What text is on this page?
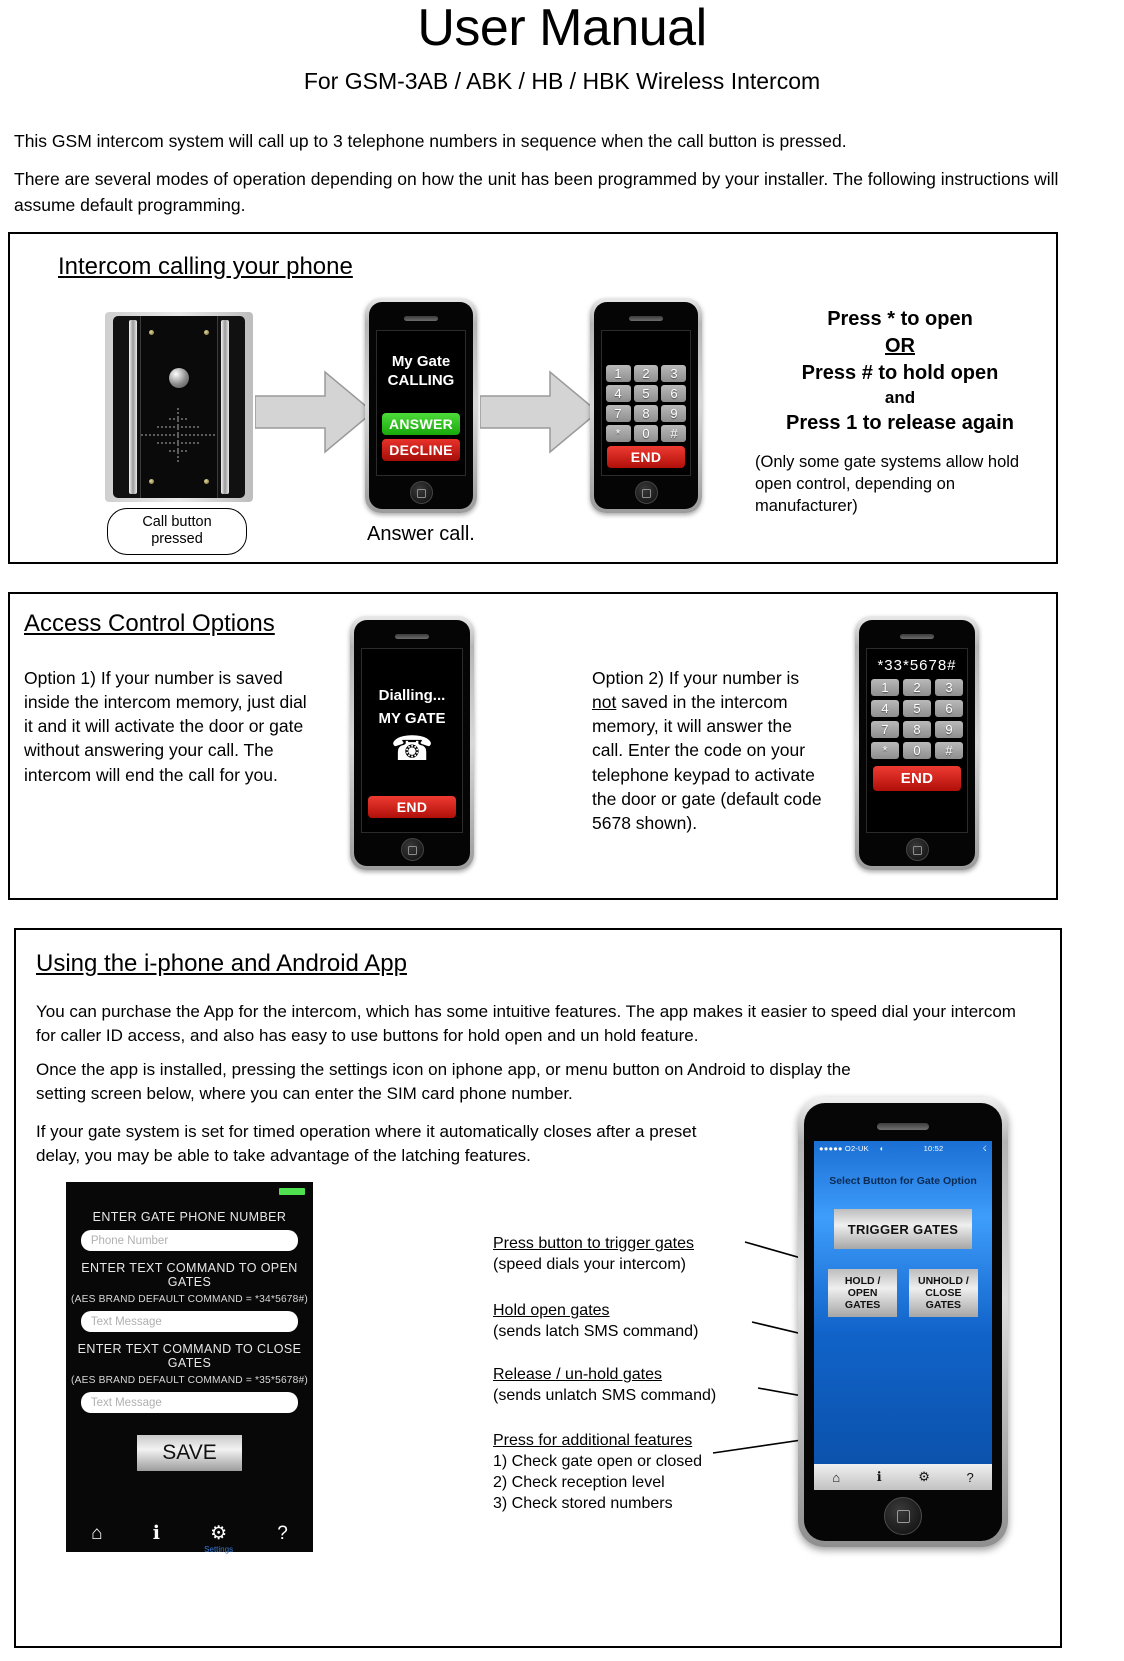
User Manual
For GSM-3AB / ABK / HB / HBK Wireless Intercom

This GSM intercom system will call up to 3 telephone numbers in sequence when the call button is pressed.

There are several modes of operation depending on how the unit has been programmed by your installer. The following instructions will assume default programming.

Intercom calling your phone
Call button pressed
My Gate
CALLING
ANSWER
DECLINE
Answer call.
1	2	3
4	5	6
7	8	9
*	0	#
END
Press * to open
OR
Press # to hold open
and
Press 1 to release again
(Only some gate systems allow hold open control, depending on manufacturer)
Access Control Options
Option 1) If your number is saved inside the intercom memory, just dial it and it will activate the door or gate without answering your call. The intercom will end the call for you.
Dialling...
MY GATE
☎
END
Option 2) If your number is not saved in the intercom memory, it will answer the call. Enter the code on your telephone keypad to activate the door or gate (default code 5678 shown).
*33*5678#
1	2	3
4	5	6
7	8	9
*	0	#
END
Using the i-phone and Android App
You can purchase the App for the intercom, which has some intuitive features. The app makes it easier to speed dial your intercom for caller ID access, and also has easy to use buttons for hold open and un hold feature.
Once the app is installed, pressing the settings icon on iphone app, or menu button on Android to display the setting screen below, where you can enter the SIM card phone number.
If your gate system is set for timed operation where it automatically closes after a preset delay, you may be able to take advantage of the latching features.
ENTER GATE PHONE NUMBER
Phone Number
ENTER TEXT COMMAND TO OPEN GATES
(AES BRAND DEFAULT COMMAND = *34*5678#)
Text Message
ENTER TEXT COMMAND TO CLOSE GATES
(AES BRAND DEFAULT COMMAND = *35*5678#)
Text Message
SAVE
⌂	ℹ	⚙
Settings
?
Press button to trigger gates
(speed dials your intercom)
Hold open gates
(sends latch SMS command)
Release / un-hold gates
(sends unlatch SMS command)
Press for additional features
1) Check gate open or closed
2) Check reception level
3) Check stored numbers
●●●●● O2-UK ◐	10:52	☇
Select Button for Gate Option
TRIGGER GATES
HOLD /
OPEN
GATES
UNHOLD /
CLOSE
GATES
⌂	ℹ	⚙	?
